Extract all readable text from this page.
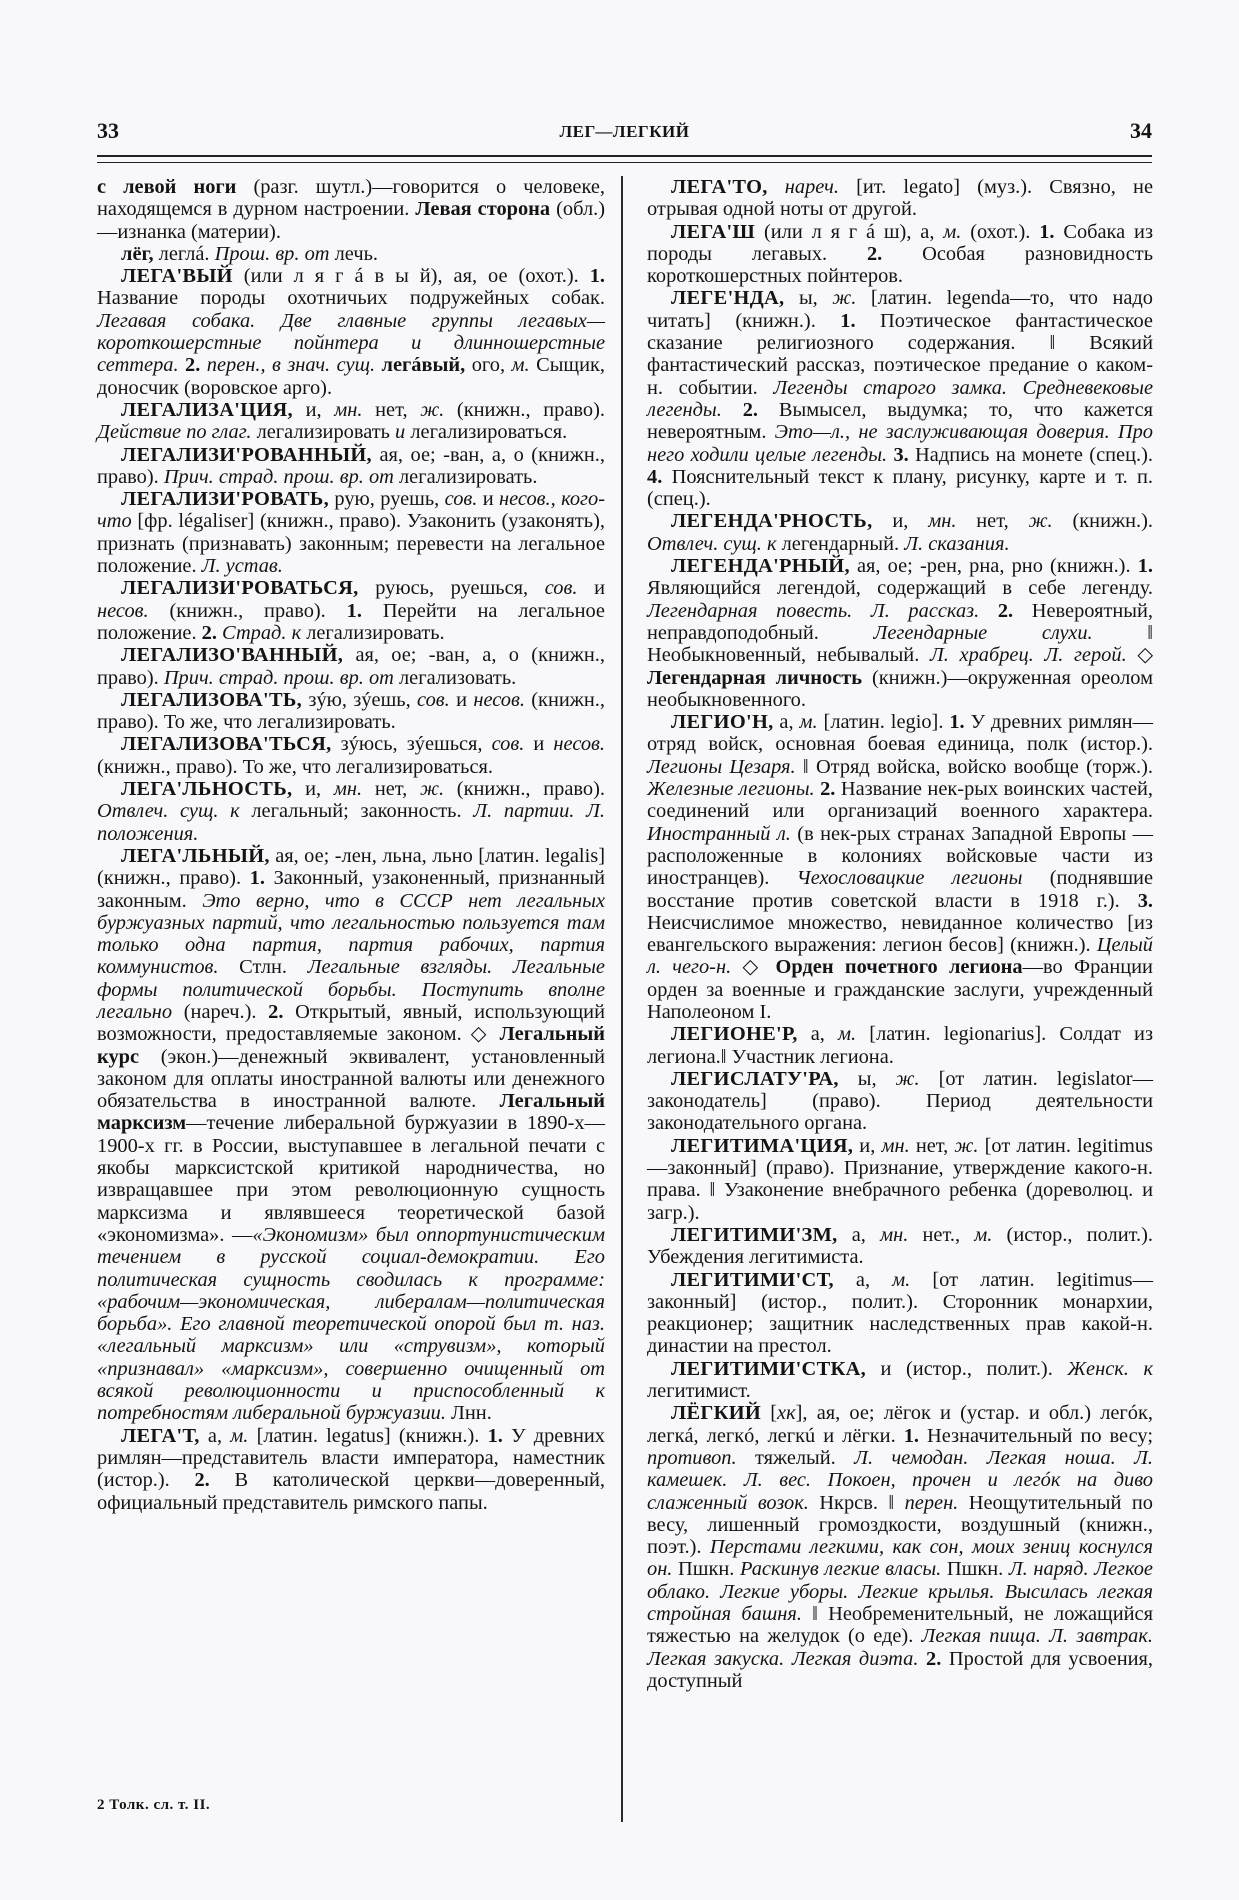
33	ЛЕГ—ЛЕГКИЙ	34

с левой ноги (разг. шутл.)—говорится о человеке, находящемся в дурном настроении. Левая сторона (обл.)—изнанка (материи).

лёг, леглá. Прош. вр. от лечь.

ЛЕГА'ВЫЙ (или л я г á в ы й), ая, ое (охот.). 1. Название породы охотничьих подружейных собак. Легавая собака. Две главные группы легавых—короткошерстные пойнтера и длинношерстные сеттера. 2. перен., в знач. сущ. легáвый, ого, м. Сыщик, доносчик (воровское арго).

ЛЕГАЛИЗА'ЦИЯ, и, мн. нет, ж. (книжн., право). Действие по глаг. легализировать и легализироваться.

ЛЕГАЛИЗИ'РОВАННЫЙ, ая, ое; -ван, а, о (книжн., право). Прич. страд. прош. вр. от легализировать.

ЛЕГАЛИЗИ'РОВАТЬ, рую, руешь, сов. и несов., кого-что [фр. légaliser] (книжн., право). Узаконить (узаконять), признать (признавать) законным; перевести на легальное положение. Л. устав.

ЛЕГАЛИЗИ'РОВАТЬСЯ, руюсь, руешься, сов. и несов. (книжн., право). 1. Перейти на легальное положение. 2. Страд. к легализировать.

ЛЕГАЛИЗО'ВАННЫЙ, ая, ое; -ван, а, о (книжн., право). Прич. страд. прош. вр. от легализовать.

ЛЕГАЛИЗОВА'ТЬ, зýю, зýешь, сов. и несов. (книжн., право). То же, что легализировать.

ЛЕГАЛИЗОВА'ТЬСЯ, зýюсь, зýешься, сов. и несов. (книжн., право). То же, что легализироваться.

ЛЕГА'ЛЬНОСТЬ, и, мн. нет, ж. (книжн., право). Отвлеч. сущ. к легальный; законность. Л. партии. Л. положения.

ЛЕГА'ЛЬНЫЙ, ая, ое; -лен, льна, льно [латин. legalis] (книжн., право). 1. Законный, узаконенный, признанный законным. Это верно, что в СССР нет легальных буржуазных партий, что легальностью пользуется там только одна партия, партия рабочих, партия коммунистов. Стлн. Легальные взгляды. Легальные формы политической борьбы. Поступить вполне легально (нареч.). 2. Открытый, явный, использующий возможности, предоставляемые законом. ◇ Легальный курс (экон.)—денежный эквивалент, установленный законом для оплаты иностранной валюты или денежного обязательства в иностранной валюте. Легальный марксизм—течение либеральной буржуазии в 1890-х—1900-х гг. в России, выступавшее в легальной печати с якобы марксистской критикой народничества, но извращавшее при этом революционную сущность марксизма и являвшееся теоретической базой «экономизма». —«Экономизм» был оппортунистическим течением в русской социал-демократии. Его политическая сущность сводилась к программе: «рабочим—экономическая, либералам—политическая борьба». Его главной теоретической опорой был т. наз. «легальный марксизм» или «струвизм», который «признавал» «марксизм», совершенно очищенный от всякой революционности и приспособленный к потребностям либеральной буржуазии. Лнн.

ЛЕГА'Т, а, м. [латин. legatus] (книжн.). 1. У древних римлян—представитель власти императора, наместник (истор.). 2. В католической церкви—доверенный, официальный представитель римского папы.

ЛЕГА'ТО, нареч. [ит. legato] (муз.). Связно, не отрывая одной ноты от другой.

ЛЕГА'Ш (или л я г á ш), а, м. (охот.). 1. Собака из породы легавых. 2. Особая разновидность короткошерстных пойнтеров.

ЛЕГЕ'НДА, ы, ж. [латин. legenda—то, что надо читать] (книжн.). 1. Поэтическое фантастическое сказание религиозного содержания. ‖ Всякий фантастический рассказ, поэтическое предание о каком-н. событии. Легенды старого замка. Средневековые легенды. 2. Вымысел, выдумка; то, что кажется невероятным. Это—л., не заслуживающая доверия. Про него ходили целые легенды. 3. Надпись на монете (спец.). 4. Пояснительный текст к плану, рисунку, карте и т. п. (спец.).

ЛЕГЕНДА'РНОСТЬ, и, мн. нет, ж. (книжн.). Отвлеч. сущ. к легендарный. Л. сказания.

ЛЕГЕНДА'РНЫЙ, ая, ое; -рен, рна, рно (книжн.). 1. Являющийся легендой, содержащий в себе легенду. Легендарная повесть. Л. рассказ. 2. Невероятный, неправдоподобный. Легендарные слухи. ‖ Необыкновенный, небывалый. Л. храбрец. Л. герой. ◇ Легендарная личность (книжн.)—окруженная ореолом необыкновенного.

ЛЕГИО'Н, а, м. [латин. legio]. 1. У древних римлян—отряд войск, основная боевая единица, полк (истор.). Легионы Цезаря. ‖ Отряд войска, войско вообще (торж.). Железные легионы. 2. Название нек-рых воинских частей, соединений или организаций военного характера. Иностранный л. (в нек-рых странах Западной Европы — расположенные в колониях войсковые части из иностранцев). Чехословацкие легионы (поднявшие восстание против советской власти в 1918 г.). 3. Неисчислимое множество, невиданное количество [из евангельского выражения: легион бесов] (книжн.). Целый л. чего-н. ◇ Орден почетного легиона—во Франции орден за военные и гражданские заслуги, учрежденный Наполеоном I.

ЛЕГИОНЕ'Р, а, м. [латин. legionarius]. Солдат из легиона.‖ Участник легиона.

ЛЕГИСЛАТУ'РА, ы, ж. [от латин. legislator—законодатель] (право). Период деятельности законодательного органа.

ЛЕГИТИМА'ЦИЯ, и, мн. нет, ж. [от латин. legitimus—законный] (право). Признание, утверждение какого-н. права. ‖ Узаконение внебрачного ребенка (дореволюц. и загр.).

ЛЕГИТИМИ'ЗМ, а, мн. нет., м. (истор., полит.). Убеждения легитимиста.

ЛЕГИТИМИ'СТ, а, м. [от латин. legitimus—законный] (истор., полит.). Сторонник монархии, реакционер; защитник наследственных прав какой-н. династии на престол.

ЛЕГИТИМИ'СТКА, и (истор., полит.). Женск. к легитимист.

ЛЁГКИЙ [хк], ая, ое; лёгок и (устар. и обл.) легóк, легкá, легкó, легкú и лёгки. 1. Незначительный по весу; противоп. тяжелый. Л. чемодан. Легкая ноша. Л. камешек. Л. вес. Покоен, прочен и легóк на диво слаженный возок. Нкрсв. ‖ перен. Неощутительный по весу, лишенный громоздкости, воздушный (книжн., поэт.). Перстами легкими, как сон, моих зениц коснулся он. Пшкн. Раскинув легкие власы. Пшкн. Л. наряд. Легкое облако. Легкие уборы. Легкие крылья. Высилась легкая стройная башня. ‖ Необременительный, не ложащийся тяжестью на желудок (о еде). Легкая пища. Л. завтрак. Легкая закуска. Легкая диэта. 2. Простой для усвоения, доступный

2 Толк. сл. т. II.
